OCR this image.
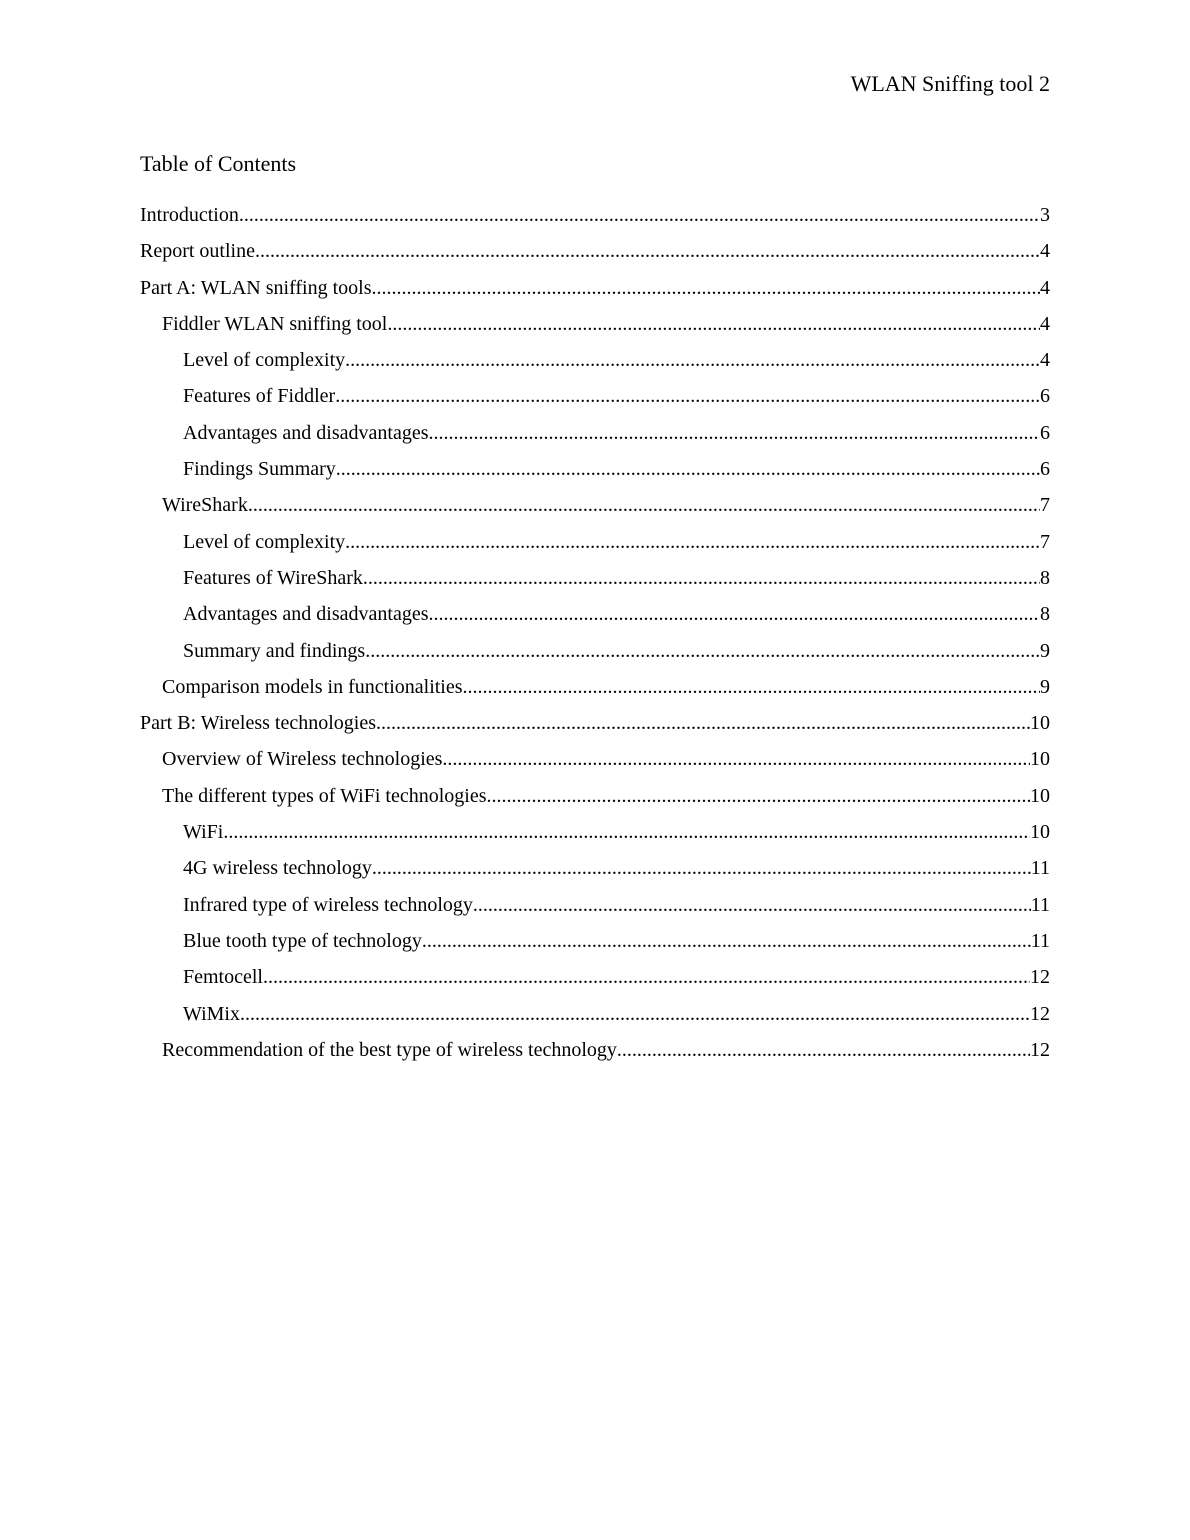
WLAN Sniffing tool 2
Table of Contents
Introduction .....	3
Report outline .....	4
Part A: WLAN sniffing tools .....	4
Fiddler WLAN sniffing tool .....	4
Level of complexity .....	4
Features of Fiddler .....	6
Advantages and disadvantages .....	6
Findings Summary .....	6
WireShark .....	7
Level of complexity .....	7
Features of WireShark .....	8
Advantages and disadvantages .....	8
Summary and findings .....	9
Comparison models in functionalities .....	9
Part B: Wireless technologies .....	10
Overview of Wireless technologies .....	10
The different types of WiFi technologies .....	10
WiFi .....	10
4G wireless technology .....	11
Infrared type of wireless technology .....	11
Blue tooth type of technology .....	11
Femtocell .....	12
WiMix .....	12
Recommendation of the best type of wireless technology .....	12
